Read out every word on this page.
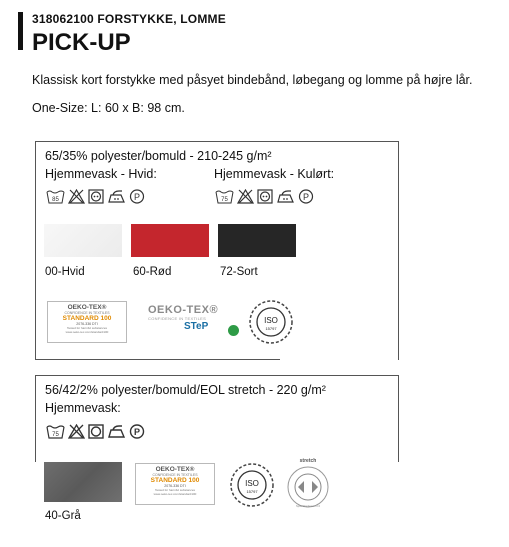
318062100 FORSTYKKE, LOMME
PICK-UP
Klassisk kort forstykke med påsyet bindebånd, løbegang og lomme på højre lår.
One-Size: L: 60 x B: 98 cm.
65/35% polyester/bomuld - 210-245 g/m²
Hjemmevask - Hvid:	Hjemmevask - Kulørt:
85	P	75	P
00-Hvid	60-Rød	72-Sort
OEKO-TEX®
CONFIDENCE IN TEXTILES
STANDARD 100
2076-336 DTI
Tested for harmful substances
www.oeko-tex.com/standard100
OEKO-TEX®
CONFIDENCE IN TEXTILES
STeP
ISO
15797
56/42/2% polyester/bomuld/EOL stretch - 220 g/m²
Hjemmevask:
75	P
40-Grå
OEKO-TEX®
CONFIDENCE IN TEXTILES
STANDARD 100
2076-336 DTI
Tested for harmful substances
www.oeko-tex.com/standard100
ISO
15797
stretch
Spirit Wopfensen 2.0
